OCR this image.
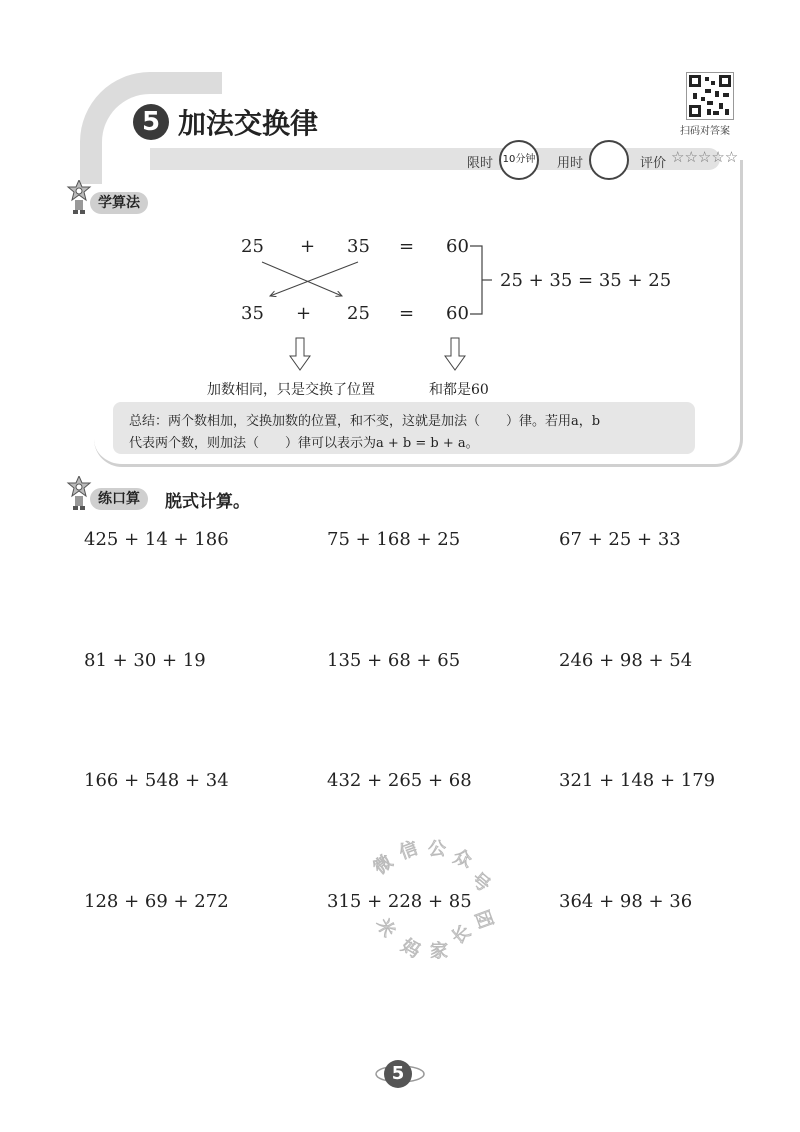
5 加法交换律	扫码对答案
限时 10分钟 用时	评价 ☆☆☆☆☆
学算法
25 + 35 = 60
35 + 25 = 60
25 + 35 = 35 + 25
加数相同，只是交换了位置	和都是60
总结：两个数相加，交换加数的位置，和不变，这就是加法（　　）律。若用a，b
代表两个数，则加法（　　）律可以表示为a + b = b + a。
练口算	脱式计算。
425 + 14 + 186	75 + 168 + 25	67 + 25 + 33
81 + 30 + 19	135 + 68 + 65	246 + 98 + 54
166 + 548 + 34	432 + 265 + 68	321 + 148 + 179
128 + 69 + 272	315 + 228 + 85	364 + 98 + 36
微
信 公 众
号
团
长
家
妈
米
5
